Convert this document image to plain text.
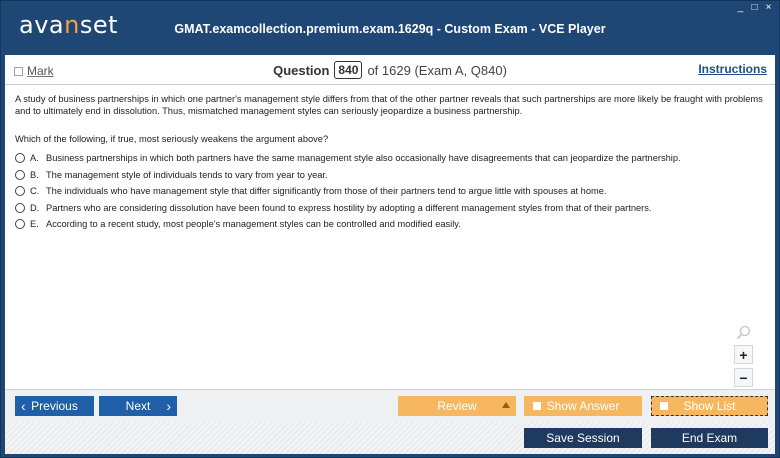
avanset	GMAT.examcollection.premium.exam.1629q - Custom Exam - VCE Player
_ □ ×
Mark	Question 840 of 1629 (Exam A, Q840)	Instructions

A study of business partnerships in which one partner's management style differs from that of the other partner reveals that such partnerships are more likely be fraught with problems and to ultimately end in dissolution. Thus, mismatched management styles can seriously jeopardize a business partnership.

Which of the following, if true, most seriously weakens the argument above?

A. Business partnerships in which both partners have the same management style also occasionally have disagreements that can jeopardize the partnership.
B. The management style of individuals tends to vary from year to year.
C. The individuals who have management style that differ significantly from those of their partners tend to argue little with spouses at home.
D. Partners who are considering dissolution have been found to express hostility by adopting a different management styles from that of their partners.
E. According to a recent study, most people's management styles can be controlled and modified easily.
+
−
‹ Previous	Next ›	Review	Show Answer	Show List
Save Session	End Exam
